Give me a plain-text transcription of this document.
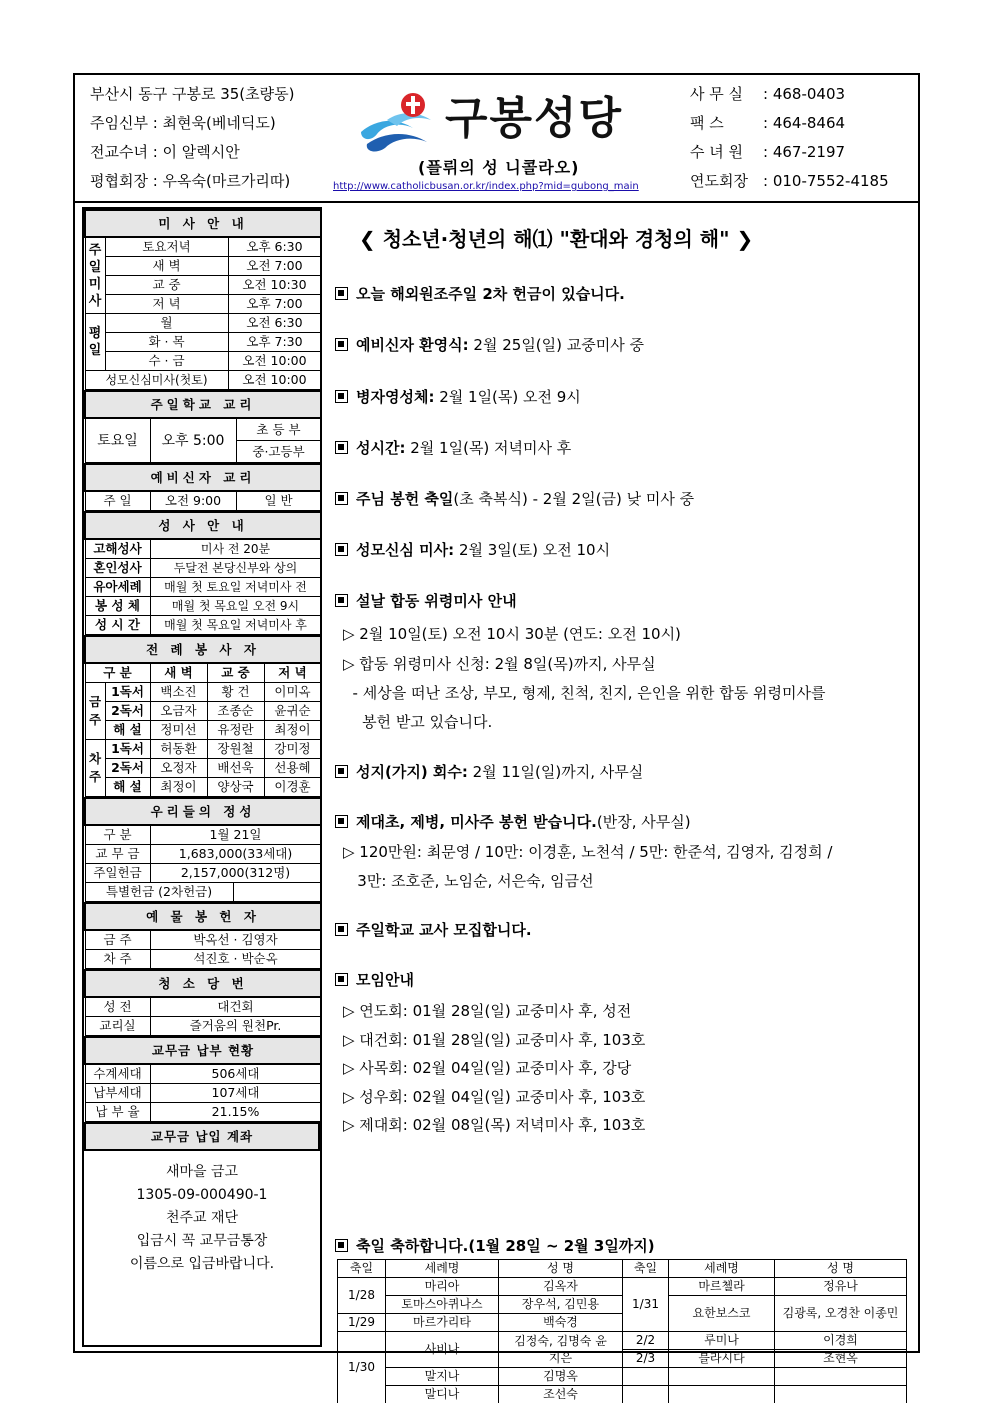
부산시 동구 구봉로 35(초량동)
주임신부 : 최현욱(베네딕도)
전교수녀 : 이 알렉시안
평협회장 : 우옥숙(마르가리따)
구봉성당
(플뤼의 성 니콜라오)
http://www.catholicbusan.or.kr/index.php?mid=gubong_main
사 무 실 : 468-0403
팩 스	: 464-8464
수 녀 원 : 467-2197
연도회장 : 010-7552-4185
미 사 안 내		
주일미사	토요저녁	오후 6:30
	새 벽	오전 7:00
	교 중	오전 10:30
	저 녁	오후 7:00
평일	월	오전 6:30
	화 · 목	오후 7:30
	수 · 금	오전 10:00
성모신심미사(첫토)		오전 10:00
주일학교 교리
토요일	오후 5:00	초 등 부
중·고등부
예비신자 교리
주 일	오전 9:00	일 반
성 사 안 내	
고해성사	미사 전 20분
혼인성사	두달전 본당신부와 상의
유아세례	매월 첫 토요일 저녁미사 전
봉 성 체	매월 첫 목요일 오전 9시
성 시 간	매월 첫 목요일 저녁미사 후
전 례 봉 사 자				
구 분		새 벽	교 중	저 녁
금주	1독서	백소진	황 건	이미옥
	2독서	오금자	조종순	윤귀순
	해 설	정미선	유정란	최정이
차주	1독서	허동환	장원철	강미정
	2독서	오정자	배선욱	선용혜
	해 설	최정이	양상국	이경훈
우리들의 정성		
구 분	1월 21일	
교 무 금	1,683,000(33세대)	
주일헌금	2,157,000(312명)	
특별헌금 (2차헌금)		
예 물 봉 헌 자	
금 주	박옥선 · 김영자
차 주	석진호 · 박순옥
청 소 당 번	
성 전	대건회
교리실	즐거움의 원천Pr.
교무금 납부 현황	
수계세대	506세대
납부세대	107세대
납 부 율	21.15%
교무금 납입 계좌

새마을 금고
1305-09-000490-1
천주교 재단
입금시 꼭 교무금통장
이름으로 입금바랍니다.
❮ 청소년·청년의 해⑴ "환대와 경청의 해" ❯
오늘 해외원조주일 2차 헌금이 있습니다.
예비신자 환영식: 2월 25일(일) 교중미사 중
병자영성체: 2월 1일(목) 오전 9시
성시간: 2월 1일(목) 저녁미사 후
주님 봉헌 축일(초 축복식) - 2월 2일(금) 낮 미사 중
성모신심 미사: 2월 3일(토) 오전 10시
설날 합동 위령미사 안내
▷ 2월 10일(토) 오전 10시 30분 (연도: 오전 10시)
▷ 합동 위령미사 신청: 2월 8일(목)까지, 사무실
- 세상을 떠난 조상, 부모, 형제, 친척, 친지, 은인을 위한 합동 위령미사를
봉헌 받고 있습니다.
성지(가지) 회수: 2월 11일(일)까지, 사무실
제대초, 제병, 미사주 봉헌 받습니다.(반장, 사무실)
▷ 120만원: 최문영 / 10만: 이경훈, 노천석 / 5만: 한준석, 김영자, 김정희 /
3만: 조호준, 노임순, 서은숙, 임금선
주일학교 교사 모집합니다.
모임안내
▷ 연도회: 01월 28일(일) 교중미사 후, 성전
▷ 대건회: 01월 28일(일) 교중미사 후, 103호
▷ 사목회: 02월 04일(일) 교중미사 후, 강당
▷ 성우회: 02월 04일(일) 교중미사 후, 103호
▷ 제대회: 02월 08일(목) 저녁미사 후, 103호
축일 축하합니다.(1월 28일 ~ 2월 3일까지)
축일	세례명	성 명	축일	세례명	성 명
1/28	마리아	김옥자	1/31	마르첼라	정유나
	토마스아퀴나스	장우석, 김민용		요한보스코	김광록, 오경찬 이종민
1/29	마르가리타	백숙경			
1/30	사비나	김정숙, 김명숙 윤지은	2/2	루미나	이경희
			2/3	블라시다	조현옥
	말지나	김명옥			
	말디나	조선숙			
